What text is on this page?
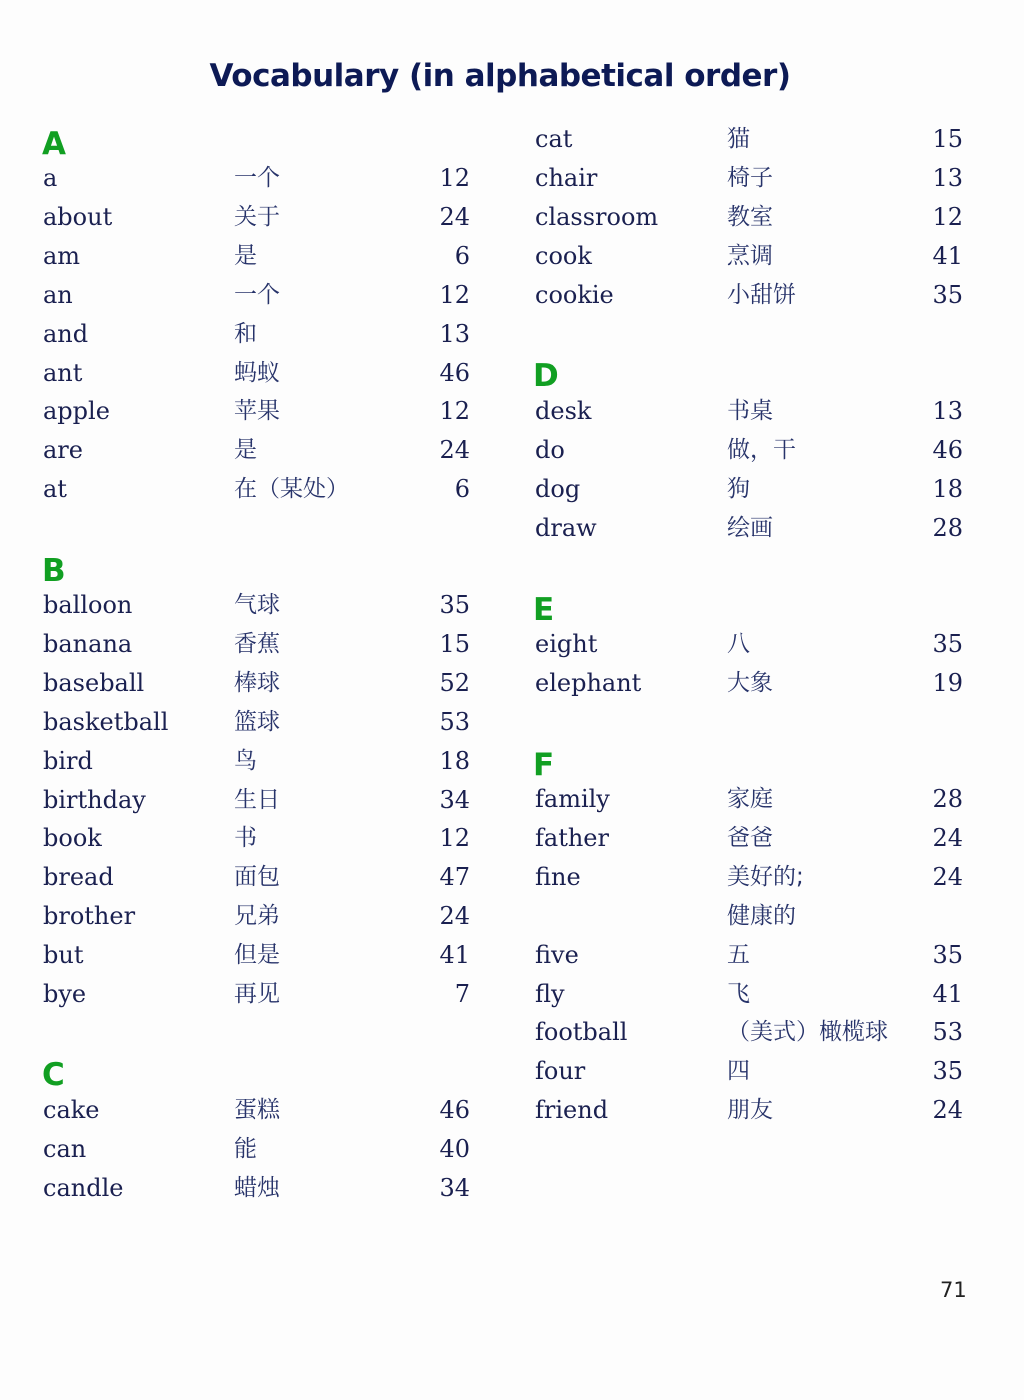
Vocabulary (in alphabetical order)
A
a	一个	12
about	关于	24
am	是	6
an	一个	12
and	和	13
ant	蚂蚁	46
apple	苹果	12
are	是	24
at	在（某处）	6
B
balloon	气球	35
banana	香蕉	15
baseball	棒球	52
basketball	篮球	53
bird	鸟	18
birthday	生日	34
book	书	12
bread	面包	47
brother	兄弟	24
but	但是	41
bye	再见	7
C
cake	蛋糕	46
can	能	40
candle	蜡烛	34
cat	猫	15
chair	椅子	13
classroom	教室	12
cook	烹调	41
cookie	小甜饼	35
D
desk	书桌	13
do	做，干	46
dog	狗	18
draw	绘画	28
E
eight	八	35
elephant	大象	19
F
family	家庭	28
father	爸爸	24
fine	美好的;	24
健康的
five	五	35
fly	飞	41
football	（美式）橄榄球	53
four	四	35
friend	朋友	24
71
